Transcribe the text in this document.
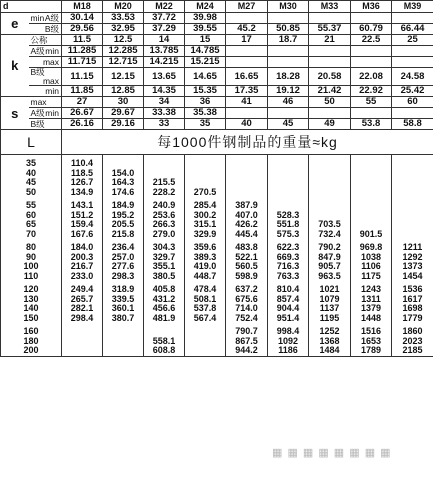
d		M18	M20	M22	M24	M27	M30	M33	M36	M39
e	min A级	30.14	33.53	37.72	39.98					

	B级	29.56	32.95	37.29	39.55	45.2	50.85	55.37	60.79	66.44
k	公称	11.5	12.5	14	15	17	18.7	21	22.5	25
	A级 min	11.285	12.285	13.785	14.785					

	max	11.715	12.715	14.215	15.215					
	B级
max	11.15	12.15	13.65	14.65	16.65	18.28	20.58	22.08	24.58

	min	11.85	12.85	14.35	15.35	17.35	19.12	21.42	22.92	25.42
s	max	27	30	34	36	41	46	50	55	60
	A级 min	26.67	29.67	33.38	35.38					
	B级	26.16	29.16	33	35	40	45	49	53.8	58.8
L	每1000件钢制品的重量≈kg								

35	110.4								
40	118.5	154.0							
45	126.7	164.3	215.5						
50	134.9	174.6	228.2	270.5					

55	143.1	184.9	240.9	285.4	387.9				
60	151.2	195.2	253.6	300.2	407.0	528.3			
65	159.4	205.5	266.3	315.1	426.2	551.8	703.5		
70	167.6	215.8	279.0	329.9	445.4	575.3	732.4	901.5	

80	184.0	236.4	304.3	359.6	483.8	622.3	790.2	969.8	1211
90	200.3	257.0	329.7	389.3	522.1	669.3	847.9	1038	1292
100	216.7	277.6	355.1	419.0	560.5	716.3	905.7	1106	1373
110	233.0	298.3	380.5	448.7	598.9	763.3	963.5	1175	1454

120	249.4	318.9	405.8	478.4	637.2	810.4	1021	1243	1536
130	265.7	339.5	431.2	508.1	675.6	857.4	1079	1311	1617
140	282.1	360.1	456.6	537.8	714.0	904.4	1137	1379	1698
150	298.4	380.7	481.9	567.4	752.4	951.4	1195	1448	1779

160					790.7	998.4	1252	1516	1860
180			558.1		867.5	1092	1368	1653	2023
200			608.8		944.2	1186	1484	1789	2185
▦ ▦ ▦ ▦ ▦ ▦ ▦ ▦
